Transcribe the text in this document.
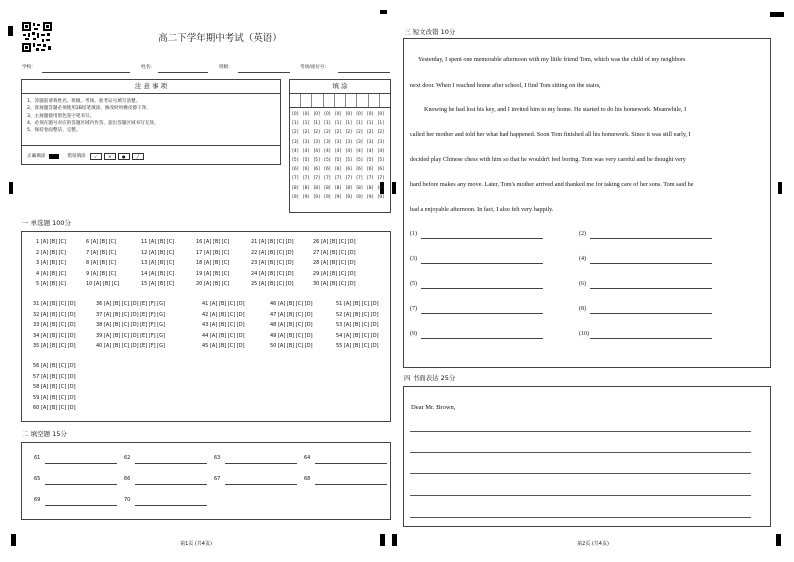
高二下学年期中考试（英语）
学校:	姓名:	班级:	考场/座位号:
注 意 事 项
1、答题前请将姓名、班级、考场、准考证号填写清楚。
2、客观题答题必须使用2B铅笔填涂，修改时用橡皮擦干净。
3、主观题使用黑色签字笔书写。
4、必须在题号对应的答题区域内作答，超出答题区域书写无效。
5、保持卷面整洁、完整。
正确填涂	错误填涂	✓	✕	●	╱
填 涂
[0]	[0]	[0]	[0]	[0]	[0]	[0]	[0]	[0]
[1]	[1]	[1]	[1]	[1]	[1]	[1]	[1]	[1]
[2]	[2]	[2]	[2]	[2]	[2]	[2]	[2]	[2]
[3]	[3]	[3]	[3]	[3]	[3]	[3]	[3]	[3]
[4]	[4]	[4]	[4]	[4]	[4]	[4]	[4]	[4]
[5]	[5]	[5]	[5]	[5]	[5]	[5]	[5]	[5]
[6]	[6]	[6]	[6]	[6]	[6]	[6]	[6]	[6]
[7]	[7]	[7]	[7]	[7]	[7]	[7]	[7]	[7]
[8]	[8]	[8]	[8]	[8]	[8]	[8]	[8]	[8]
[9]	[9]	[9]	[9]	[9]	[9]	[9]	[9]	[9]
一 单选题 100分
1 [A] [B] [C]
2 [A] [B] [C]
3 [A] [B] [C]
4 [A] [B] [C]
5 [A] [B] [C]
6 [A] [B] [C]
7 [A] [B] [C]
8 [A] [B] [C]
9 [A] [B] [C]
10 [A] [B] [C]
11 [A] [B] [C]
12 [A] [B] [C]
13 [A] [B] [C]
14 [A] [B] [C]
15 [A] [B] [C]
16 [A] [B] [C]
17 [A] [B] [C]
18 [A] [B] [C]
19 [A] [B] [C]
20 [A] [B] [C]
21 [A] [B] [C] [D]
22 [A] [B] [C] [D]
23 [A] [B] [C] [D]
24 [A] [B] [C] [D]
25 [A] [B] [C] [D]
26 [A] [B] [C] [D]
27 [A] [B] [C] [D]
28 [A] [B] [C] [D]
29 [A] [B] [C] [D]
30 [A] [B] [C] [D]
31 [A] [B] [C] [D]
32 [A] [B] [C] [D]
33 [A] [B] [C] [D]
34 [A] [B] [C] [D]
35 [A] [B] [C] [D]
36 [A] [B] [C] [D] [E] [F] [G]
37 [A] [B] [C] [D] [E] [F] [G]
38 [A] [B] [C] [D] [E] [F] [G]
39 [A] [B] [C] [D] [E] [F] [G]
40 [A] [B] [C] [D] [E] [F] [G]
41 [A] [B] [C] [D]
42 [A] [B] [C] [D]
43 [A] [B] [C] [D]
44 [A] [B] [C] [D]
45 [A] [B] [C] [D]
46 [A] [B] [C] [D]
47 [A] [B] [C] [D]
48 [A] [B] [C] [D]
49 [A] [B] [C] [D]
50 [A] [B] [C] [D]
51 [A] [B] [C] [D]
52 [A] [B] [C] [D]
53 [A] [B] [C] [D]
54 [A] [B] [C] [D]
55 [A] [B] [C] [D]
56 [A] [B] [C] [D]
57 [A] [B] [C] [D]
58 [A] [B] [C] [D]
59 [A] [B] [C] [D]
60 [A] [B] [C] [D]
二 填空题 15分
61	62	63	64
65	66	67	68
69	70
第1页 (共4页)
三 短文改错 10分
Yesterday, I spent one memorable afternoon with my little friend Tom, which was the child of my neighbors
next door. When I reached home after school, I find Tom sitting on the stairs,
Knowing he had lost his key, and I invited him to my home. He started to do his homework. Meanwhile, I
called her mother and told her what had happened. Soon Tom finished all his homework. Since it was still early, I
decided play Chinese chess with him so that he wouldn't feel boring. Tom was very careful and he thought very
hard before makes any move. Later, Tom's mother arrived and thanked me for taking care of her sons. Tom said he
had a enjoyable afternoon. In fact, I also felt very happily.
(1)	(2)
(3)	(4)
(5)	(6)
(7)	(8)
(9)	(10)
四 书面表达 25分
Dear Mr. Brown,
第2页 (共4页)
